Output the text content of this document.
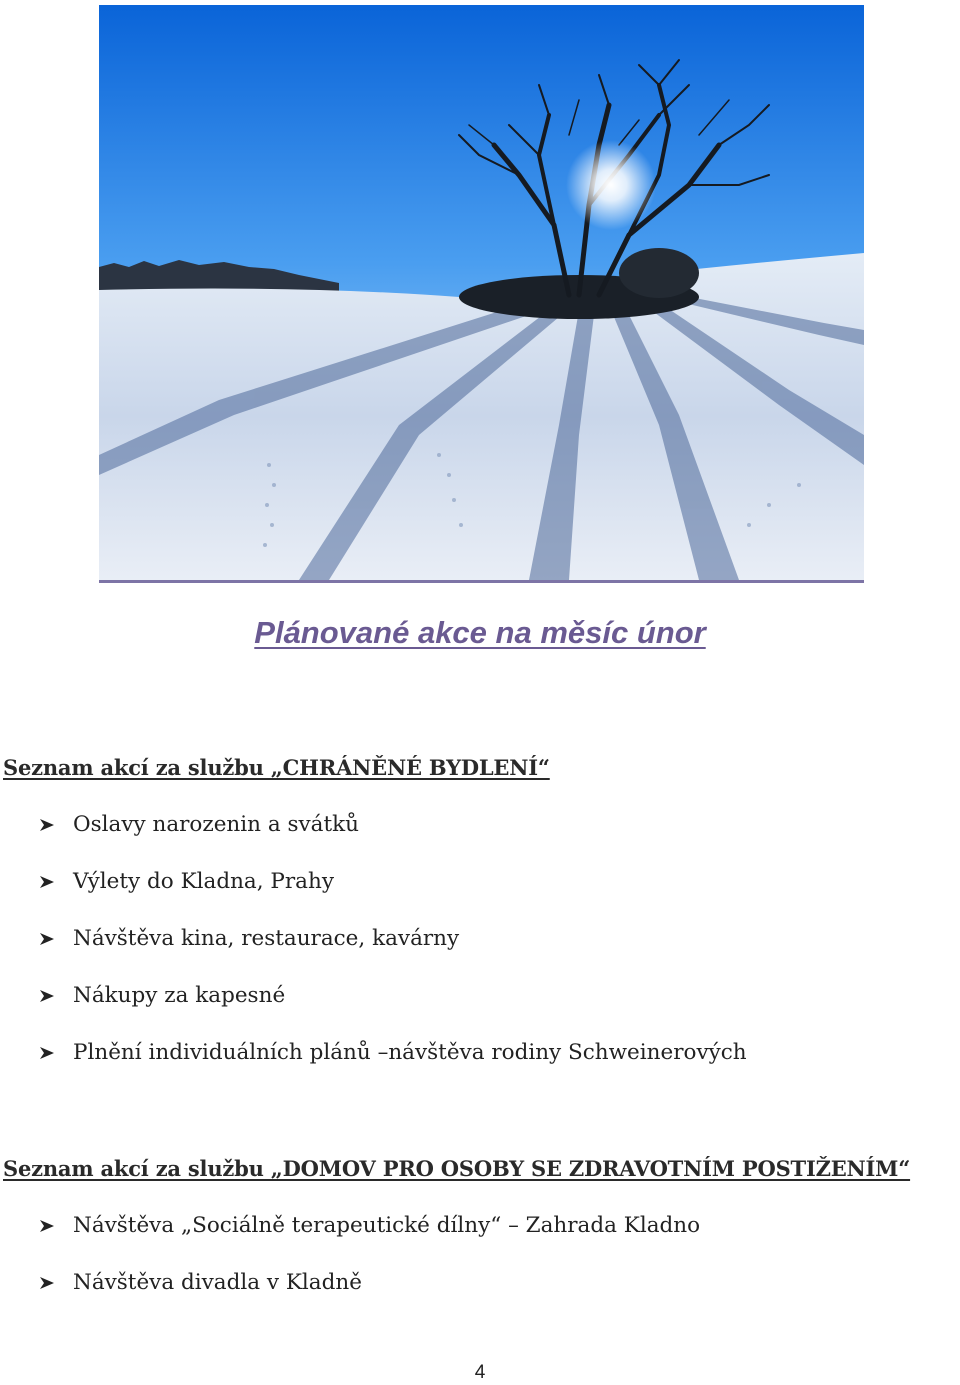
Plánované akce na měsíc únor
Seznam akcí za službu „CHRÁNĚNÉ BYDLENÍ“
Oslavy narozenin a svátků
Výlety do Kladna, Prahy
Návštěva kina, restaurace, kavárny
Nákupy za kapesné
Plnění individuálních plánů –návštěva rodiny Schweinerových
Seznam akcí za službu „DOMOV PRO OSOBY SE ZDRAVOTNÍM POSTIŽENÍM“
Návštěva „Sociálně terapeutické dílny“ – Zahrada Kladno
Návštěva divadla v Kladně
4
